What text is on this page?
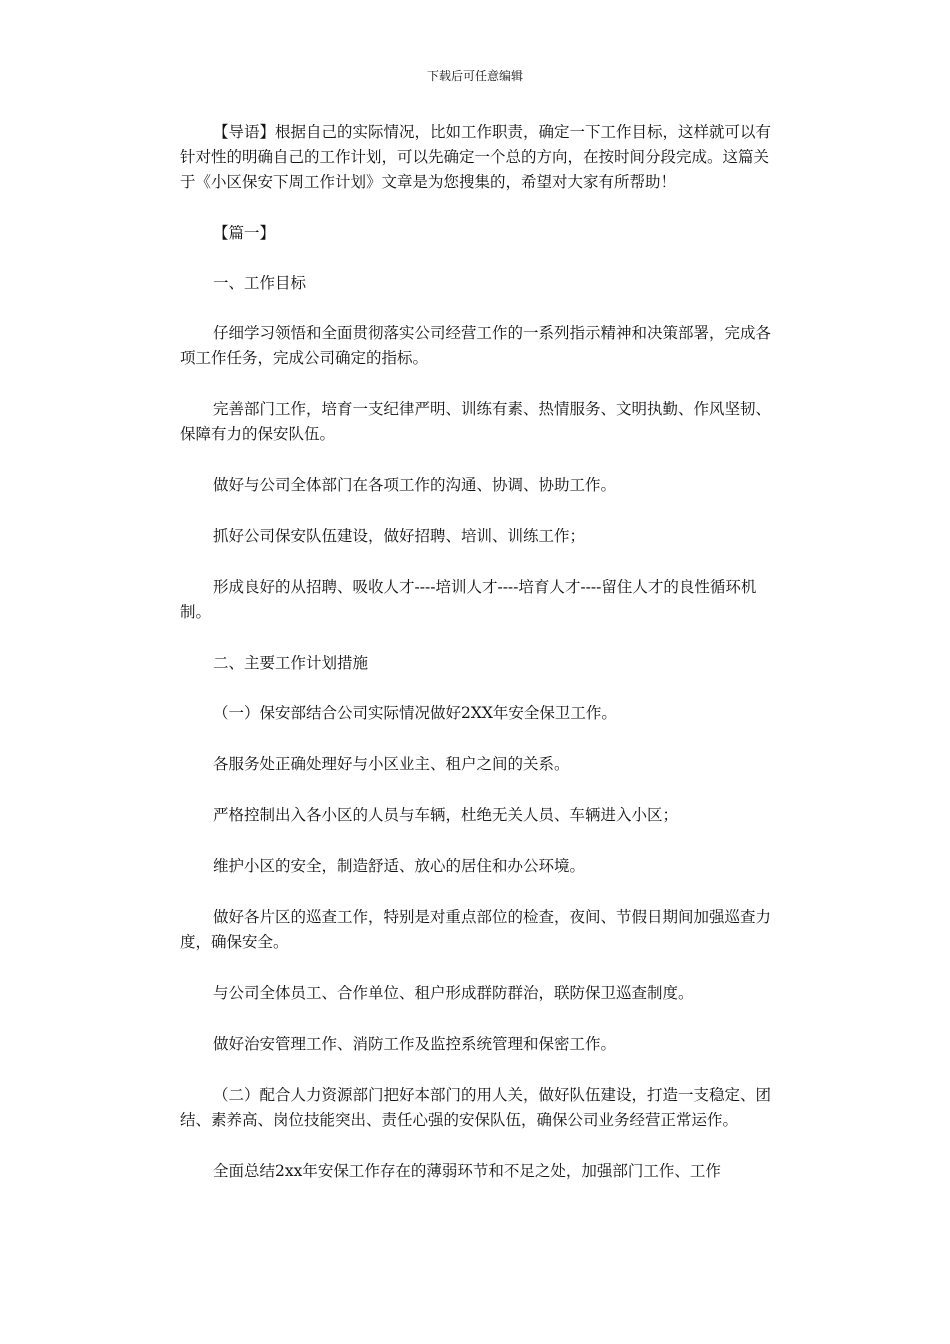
下载后可任意编辑

【导语】根据自己的实际情况，比如工作职责，确定一下工作目标，这样就可以有针对性的明确自己的工作计划，可以先确定一个总的方向，在按时间分段完成。这篇关于《小区保安下周工作计划》文章是为您搜集的，希望对大家有所帮助！

【篇一】

一、工作目标

仔细学习领悟和全面贯彻落实公司经营工作的一系列指示精神和决策部署，完成各项工作任务，完成公司确定的指标。

完善部门工作，培育一支纪律严明、训练有素、热情服务、文明执勤、作风坚韧、保障有力的保安队伍。

做好与公司全体部门在各项工作的沟通、协调、协助工作。

抓好公司保安队伍建设，做好招聘、培训、训练工作；

形成良好的从招聘、吸收人才----培训人才----培育人才----留住人才的良性循环机制。

二、主要工作计划措施

（一）保安部结合公司实际情况做好2XX年安全保卫工作。

各服务处正确处理好与小区业主、租户之间的关系。

严格控制出入各小区的人员与车辆，杜绝无关人员、车辆进入小区；

维护小区的安全，制造舒适、放心的居住和办公环境。

做好各片区的巡查工作，特别是对重点部位的检查，夜间、节假日期间加强巡查力度，确保安全。

与公司全体员工、合作单位、租户形成群防群治，联防保卫巡查制度。

做好治安管理工作、消防工作及监控系统管理和保密工作。

（二）配合人力资源部门把好本部门的用人关，做好队伍建设，打造一支稳定、团结、素养高、岗位技能突出、责任心强的安保队伍，确保公司业务经营正常运作。

全面总结2xx年安保工作存在的薄弱环节和不足之处，加强部门工作、工作
